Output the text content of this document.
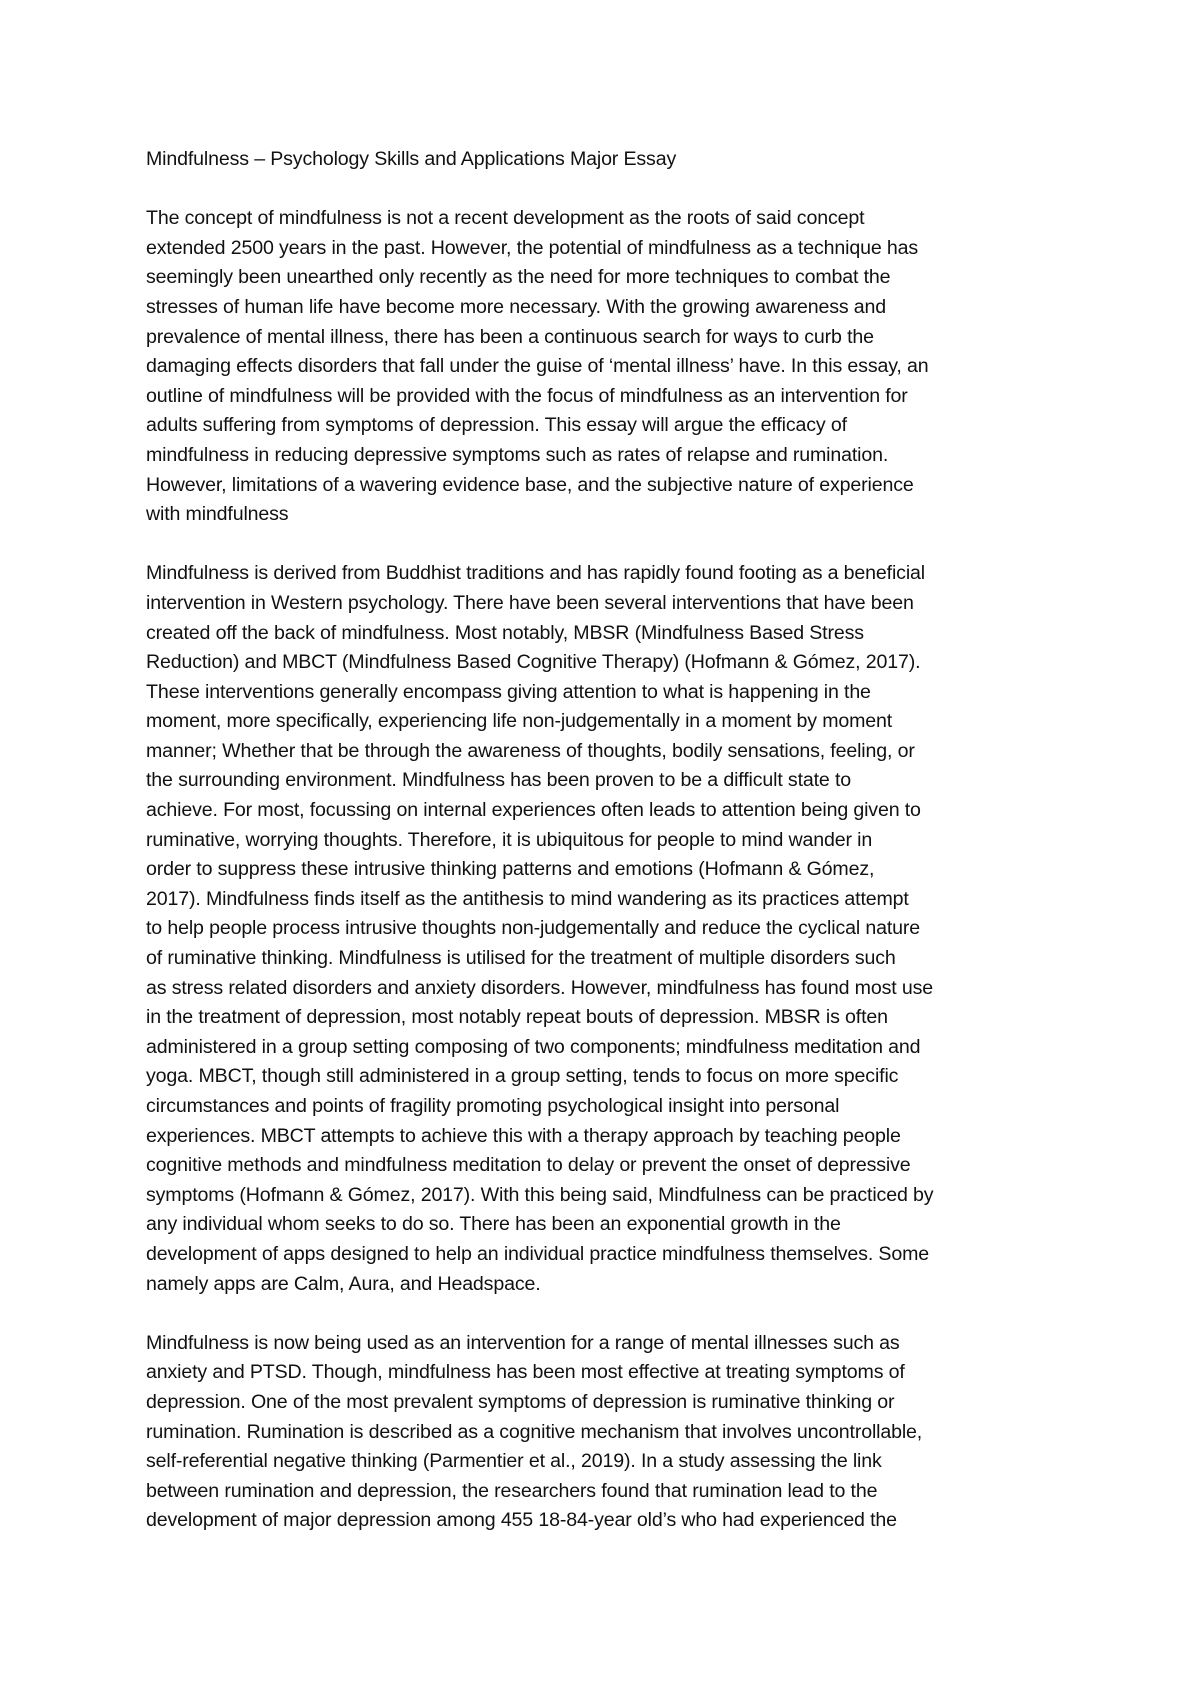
Mindfulness – Psychology Skills and Applications Major Essay
The concept of mindfulness is not a recent development as the roots of said concept
extended 2500 years in the past. However, the potential of mindfulness as a technique has
seemingly been unearthed only recently as the need for more techniques to combat the
stresses of human life have become more necessary. With the growing awareness and
prevalence of mental illness, there has been a continuous search for ways to curb the
damaging effects disorders that fall under the guise of ‘mental illness’ have. In this essay, an
outline of mindfulness will be provided with the focus of mindfulness as an intervention for
adults suffering from symptoms of depression. This essay will argue the efficacy of
mindfulness in reducing depressive symptoms such as rates of relapse and rumination.
However, limitations of a wavering evidence base, and the subjective nature of experience
with mindfulness
Mindfulness is derived from Buddhist traditions and has rapidly found footing as a beneficial
intervention in Western psychology. There have been several interventions that have been
created off the back of mindfulness. Most notably, MBSR (Mindfulness Based Stress
Reduction) and MBCT (Mindfulness Based Cognitive Therapy) (Hofmann & Gómez, 2017).
These interventions generally encompass giving attention to what is happening in the
moment, more specifically, experiencing life non-judgementally in a moment by moment
manner; Whether that be through the awareness of thoughts, bodily sensations, feeling, or
the surrounding environment. Mindfulness has been proven to be a difficult state to
achieve. For most, focussing on internal experiences often leads to attention being given to
ruminative, worrying thoughts. Therefore, it is ubiquitous for people to mind wander in
order to suppress these intrusive thinking patterns and emotions (Hofmann & Gómez,
2017). Mindfulness finds itself as the antithesis to mind wandering as its practices attempt
to help people process intrusive thoughts non-judgementally and reduce the cyclical nature
of ruminative thinking. Mindfulness is utilised for the treatment of multiple disorders such
as stress related disorders and anxiety disorders. However, mindfulness has found most use
in the treatment of depression, most notably repeat bouts of depression. MBSR is often
administered in a group setting composing of two components; mindfulness meditation and
yoga. MBCT, though still administered in a group setting, tends to focus on more specific
circumstances and points of fragility promoting psychological insight into personal
experiences. MBCT attempts to achieve this with a therapy approach by teaching people
cognitive methods and mindfulness meditation to delay or prevent the onset of depressive
symptoms (Hofmann & Gómez, 2017). With this being said, Mindfulness can be practiced by
any individual whom seeks to do so. There has been an exponential growth in the
development of apps designed to help an individual practice mindfulness themselves. Some
namely apps are Calm, Aura, and Headspace.
Mindfulness is now being used as an intervention for a range of mental illnesses such as
anxiety and PTSD. Though, mindfulness has been most effective at treating symptoms of
depression. One of the most prevalent symptoms of depression is ruminative thinking or
rumination. Rumination is described as a cognitive mechanism that involves uncontrollable,
self-referential negative thinking (Parmentier et al., 2019). In a study assessing the link
between rumination and depression, the researchers found that rumination lead to the
development of major depression among 455 18-84-year old’s who had experienced the
